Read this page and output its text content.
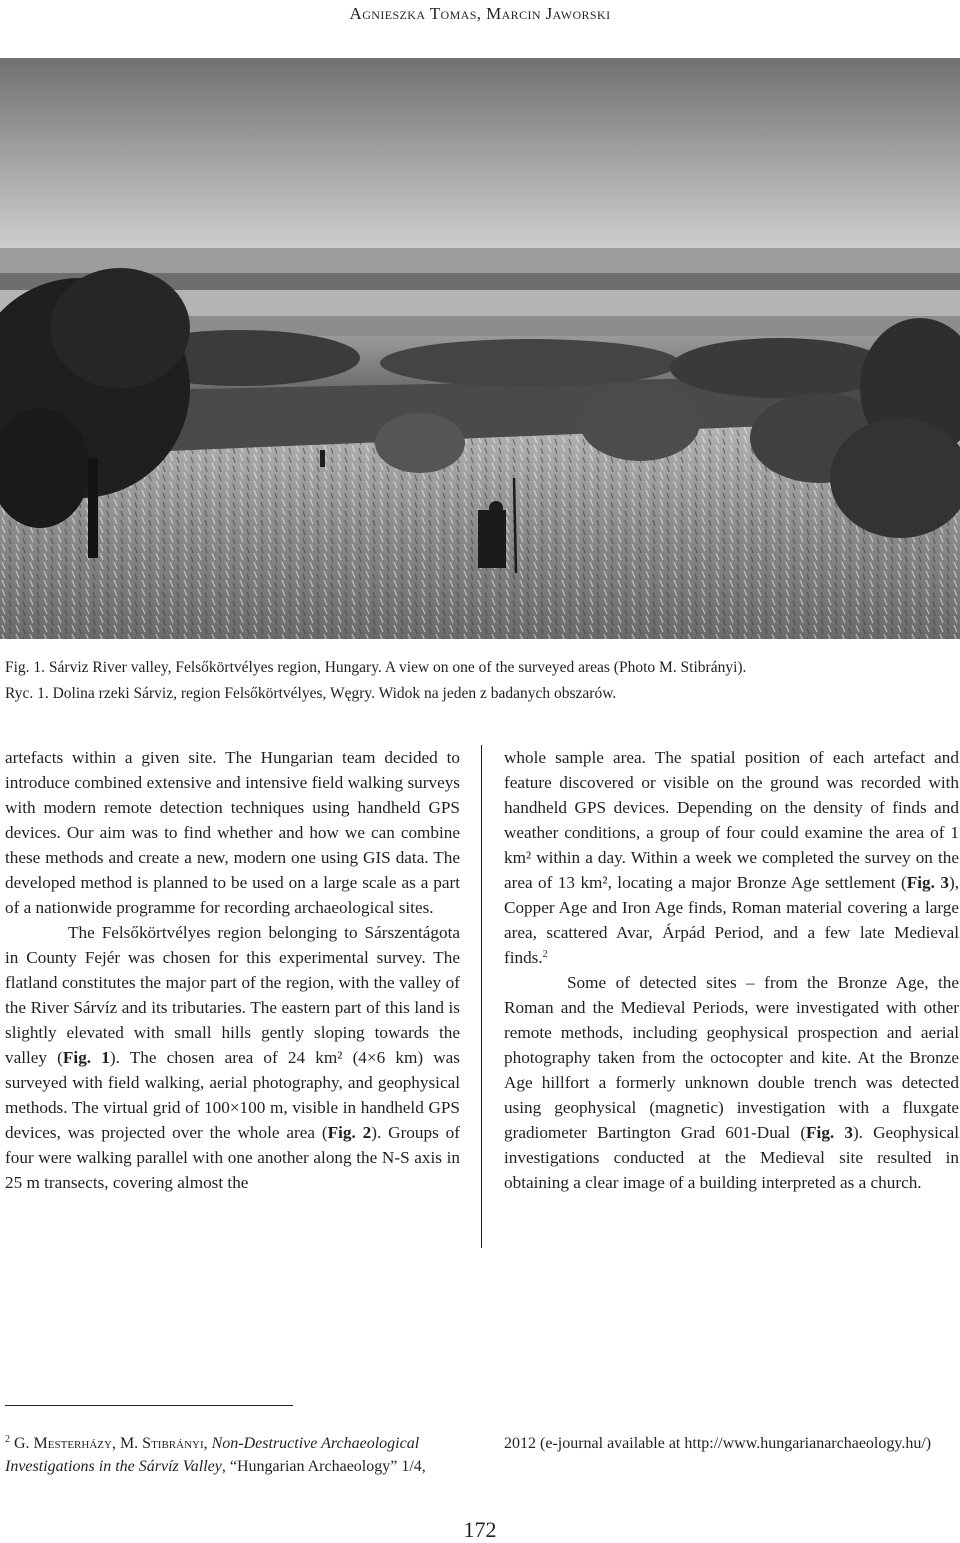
Agnieszka Tomas, Marcin Jaworski
Fig. 1. Sárviz River valley, Felsőkörtvélyes region, Hungary. A view on one of the surveyed areas (Photo M. Stibrányi).
Ryc. 1. Dolina rzeki Sárviz, region Felsőkörtvélyes, Węgry. Widok na jeden z badanych obszarów.

artefacts within a given site. The Hungarian team decided to introduce combined extensive and intensive field walking surveys with modern remote detection techniques using handheld GPS devices. Our aim was to find whether and how we can combine these methods and create a new, modern one using GIS data. The developed method is planned to be used on a large scale as a part of a nationwide programme for recording archaeological sites.

The Felsőkörtvélyes region belonging to Sárszentágota in County Fejér was chosen for this experimental survey. The flatland constitutes the major part of the region, with the valley of the River Sárvíz and its tributaries. The eastern part of this land is slightly elevated with small hills gently sloping towards the valley (Fig. 1). The chosen area of 24 km² (4×6 km) was surveyed with field walking, aerial photography, and geophysical methods. The virtual grid of 100×100 m, visible in handheld GPS devices, was projected over the whole area (Fig. 2). Groups of four were walking parallel with one another along the N-S axis in 25 m transects, covering almost the

whole sample area. The spatial position of each artefact and feature discovered or visible on the ground was recorded with handheld GPS devices. Depending on the density of finds and weather conditions, a group of four could examine the area of 1 km² within a day. Within a week we completed the survey on the area of 13 km², locating a major Bronze Age settlement (Fig. 3), Copper Age and Iron Age finds, Roman material covering a large area, scattered Avar, Árpád Period, and a few late Medieval finds.$^2$

Some of detected sites – from the Bronze Age, the Roman and the Medieval Periods, were investigated with other remote methods, including geophysical prospection and aerial photography taken from the octocopter and kite. At the Bronze Age hillfort a formerly unknown double trench was detected using geophysical (magnetic) investigation with a fluxgate gradiometer Bartington Grad 601-Dual (Fig. 3). Geophysical investigations conducted at the Medieval site resulted in obtaining a clear image of a building interpreted as a church.

$^2$ G. Mesterházy, M. Stibrányi, Non-Destructive Archaeological Investigations in the Sárvíz Valley, “Hungarian Archaeology” 1/4,
2012 (e-journal available at http://www.hungarianarchaeology.hu/)
172
